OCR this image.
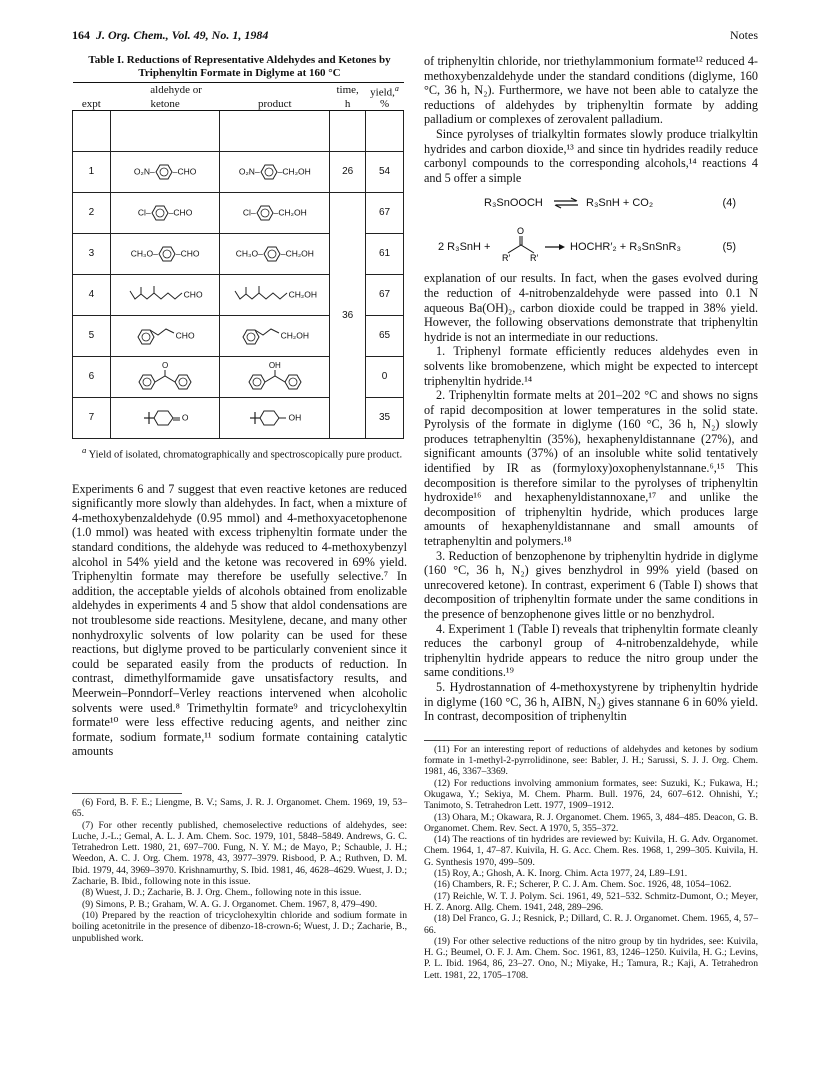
164 J. Org. Chem., Vol. 49, No. 1, 1984	Notes
Table I. Reductions of Representative Aldehydes and Ketones by Triphenyltin Formate in Diglyme at 160 °C
	aldehyde or		time,	yield,$^a$
expt	ketone	product	h	%

1	O₂N– –CHO	O₂N– –CH₂OH	26	54
2	Cl– –CHO	Cl– –CH₂OH	36	67
3	CH₃O– –CHO	CH₃O– –CH₂OH		61
4	CHO	CH₂OH		67
5	CHO	CH₂OH		65
6	O	OH		0
7	O	OH		35
$^a$ Yield of isolated, chromatographically and spectroscopically pure product.

Experiments 6 and 7 suggest that even reactive ketones are reduced significantly more slowly than aldehydes. In fact, when a mixture of 4-methoxybenzaldehyde (0.95 mmol) and 4-methoxyacetophenone (1.0 mmol) was heated with excess triphenyltin formate under the standard conditions, the aldehyde was reduced to 4-methoxybenzyl alcohol in 54% yield and the ketone was recovered in 69% yield. Triphenyltin formate may therefore be usefully selective.⁷ In addition, the acceptable yields of alcohols obtained from enolizable aldehydes in experiments 4 and 5 show that aldol condensations are not troublesome side reactions. Mesitylene, decane, and many other nonhydroxylic solvents of low polarity can be used for these reactions, but diglyme proved to be particularly convenient since it could be separated easily from the products of reduction. In contrast, dimethylformamide gave unsatisfactory results, and Meerwein–Ponndorf–Verley reactions intervened when alcoholic solvents were used.⁸ Trimethyltin formate⁹ and tricyclohexyltin formate¹⁰ were less effective reducing agents, and neither zinc formate, sodium formate,¹¹ sodium formate containing catalytic amounts

(6) Ford, B. F. E.; Liengme, B. V.; Sams, J. R. J. Organomet. Chem. 1969, 19, 53–65.

(7) For other recently published, chemoselective reductions of aldehydes, see: Luche, J.-L.; Gemal, A. L. J. Am. Chem. Soc. 1979, 101, 5848–5849. Andrews, G. C. Tetrahedron Lett. 1980, 21, 697–700. Fung, N. Y. M.; de Mayo, P.; Schauble, J. H.; Weedon, A. C. J. Org. Chem. 1978, 43, 3977–3979. Risbood, P. A.; Ruthven, D. M. Ibid. 1979, 44, 3969–3970. Krishnamurthy, S. Ibid. 1981, 46, 4628–4629. Wuest, J. D.; Zacharie, B. Ibid., following note in this issue.

(8) Wuest, J. D.; Zacharie, B. J. Org. Chem., following note in this issue.

(9) Simons, P. B.; Graham, W. A. G. J. Organomet. Chem. 1967, 8, 479–490.

(10) Prepared by the reaction of tricyclohexyltin chloride and sodium formate in boiling acetonitrile in the presence of dibenzo-18-crown-6; Wuest, J. D.; Zacharie, B., unpublished work.

of triphenyltin chloride, nor triethylammonium formate¹² reduced 4-methoxybenzaldehyde under the standard conditions (diglyme, 160 °C, 36 h, N₂). Furthermore, we have not been able to catalyze the reductions of aldehydes by triphenyltin formate by adding palladium or complexes of zerovalent palladium.

Since pyrolyses of trialkyltin formates slowly produce trialkyltin hydrides and carbon dioxide,¹³ and since tin hydrides readily reduce carbonyl compounds to the corresponding alcohols,¹⁴ reactions 4 and 5 offer a simple

R₃SnOOCH ⇌ R₃SnH + CO₂	(4)
2 R₃SnH +
O
R′ R′
→ HOCHR′₂ + R₃SnSnR₃	(5)

explanation of our results. In fact, when the gases evolved during the reduction of 4-nitrobenzaldehyde were passed into 0.1 N aqueous Ba(OH)₂, carbon dioxide could be trapped in 38% yield. However, the following observations demonstrate that triphenyltin hydride is not an intermediate in our reductions.

1. Triphenyl formate efficiently reduces aldehydes even in solvents like bromobenzene, which might be expected to intercept triphenyltin hydride.¹⁴

2. Triphenyltin formate melts at 201–202 °C and shows no signs of rapid decomposition at lower temperatures in the solid state. Pyrolysis of the formate in diglyme (160 °C, 36 h, N₂) slowly produces tetraphenyltin (35%), hexaphenyldistannane (27%), and significant amounts (37%) of an insoluble white solid tentatively identified by IR as (formyloxy)oxophenylstannane.⁶,¹⁵ This decomposition is therefore similar to the pyrolyses of triphenyltin hydroxide¹⁶ and hexaphenyldistannoxane,¹⁷ and unlike the decomposition of triphenyltin hydride, which produces large amounts of hexaphenyldistannane and small amounts of tetraphenyltin and polymers.¹⁸

3. Reduction of benzophenone by triphenyltin hydride in diglyme (160 °C, 36 h, N₂) gives benzhydrol in 99% yield (based on unrecovered ketone). In contrast, experiment 6 (Table I) shows that decomposition of triphenyltin formate under the same conditions in the presence of benzophenone gives little or no benzhydrol.

4. Experiment 1 (Table I) reveals that triphenyltin formate cleanly reduces the carbonyl group of 4-nitrobenzaldehyde, while triphenyltin hydride appears to reduce the nitro group under the same conditions.¹⁹

5. Hydrostannation of 4-methoxystyrene by triphenyltin hydride in diglyme (160 °C, 36 h, AIBN, N₂) gives stannane 6 in 60% yield. In contrast, decomposition of triphenyltin

(11) For an interesting report of reductions of aldehydes and ketones by sodium formate in 1-methyl-2-pyrrolidinone, see: Babler, J. H.; Sarussi, S. J. J. Org. Chem. 1981, 46, 3367–3369.

(12) For reductions involving ammonium formates, see: Suzuki, K.; Fukawa, H.; Okugawa, Y.; Sekiya, M. Chem. Pharm. Bull. 1976, 24, 607–612. Ohnishi, Y.; Tanimoto, S. Tetrahedron Lett. 1977, 1909–1912.

(13) Ohara, M.; Okawara, R. J. Organomet. Chem. 1965, 3, 484–485. Deacon, G. B. Organomet. Chem. Rev. Sect. A 1970, 5, 355–372.

(14) The reactions of tin hydrides are reviewed by: Kuivila, H. G. Adv. Organomet. Chem. 1964, 1, 47–87. Kuivila, H. G. Acc. Chem. Res. 1968, 1, 299–305. Kuivila, H. G. Synthesis 1970, 499–509.

(15) Roy, A.; Ghosh, A. K. Inorg. Chim. Acta 1977, 24, L89–L91.

(16) Chambers, R. F.; Scherer, P. C. J. Am. Chem. Soc. 1926, 48, 1054–1062.

(17) Reichle, W. T. J. Polym. Sci. 1961, 49, 521–532. Schmitz-Dumont, O.; Meyer, H. Z. Anorg. Allg. Chem. 1941, 248, 289–296.

(18) Del Franco, G. J.; Resnick, P.; Dillard, C. R. J. Organomet. Chem. 1965, 4, 57–66.

(19) For other selective reductions of the nitro group by tin hydrides, see: Kuivila, H. G.; Beumel, O. F. J. Am. Chem. Soc. 1961, 83, 1246–1250. Kuivila, H. G.; Levins, P. L. Ibid. 1964, 86, 23–27. Ono, N.; Miyake, H.; Tamura, R.; Kaji, A. Tetrahedron Lett. 1981, 22, 1705–1708.
